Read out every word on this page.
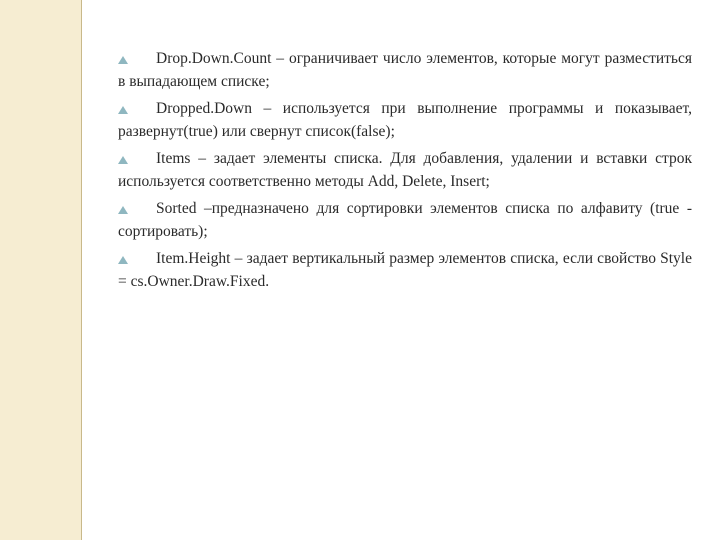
Drop.Down.Count – ограничивает число элементов, которые могут разместиться в выпадающем списке;
Dropped.Down – используется при выполнение программы и показывает, развернут(true) или свернут список(false);
Items – задает элементы списка. Для добавления, удалении и вставки строк используется соответственно методы Add, Delete, Insert;
Sorted –предназначено для сортировки элементов списка по алфавиту (true - сортировать);
Item.Height – задает вертикальный размер элементов списка, если свойство Style = cs.Owner.Draw.Fixed.
